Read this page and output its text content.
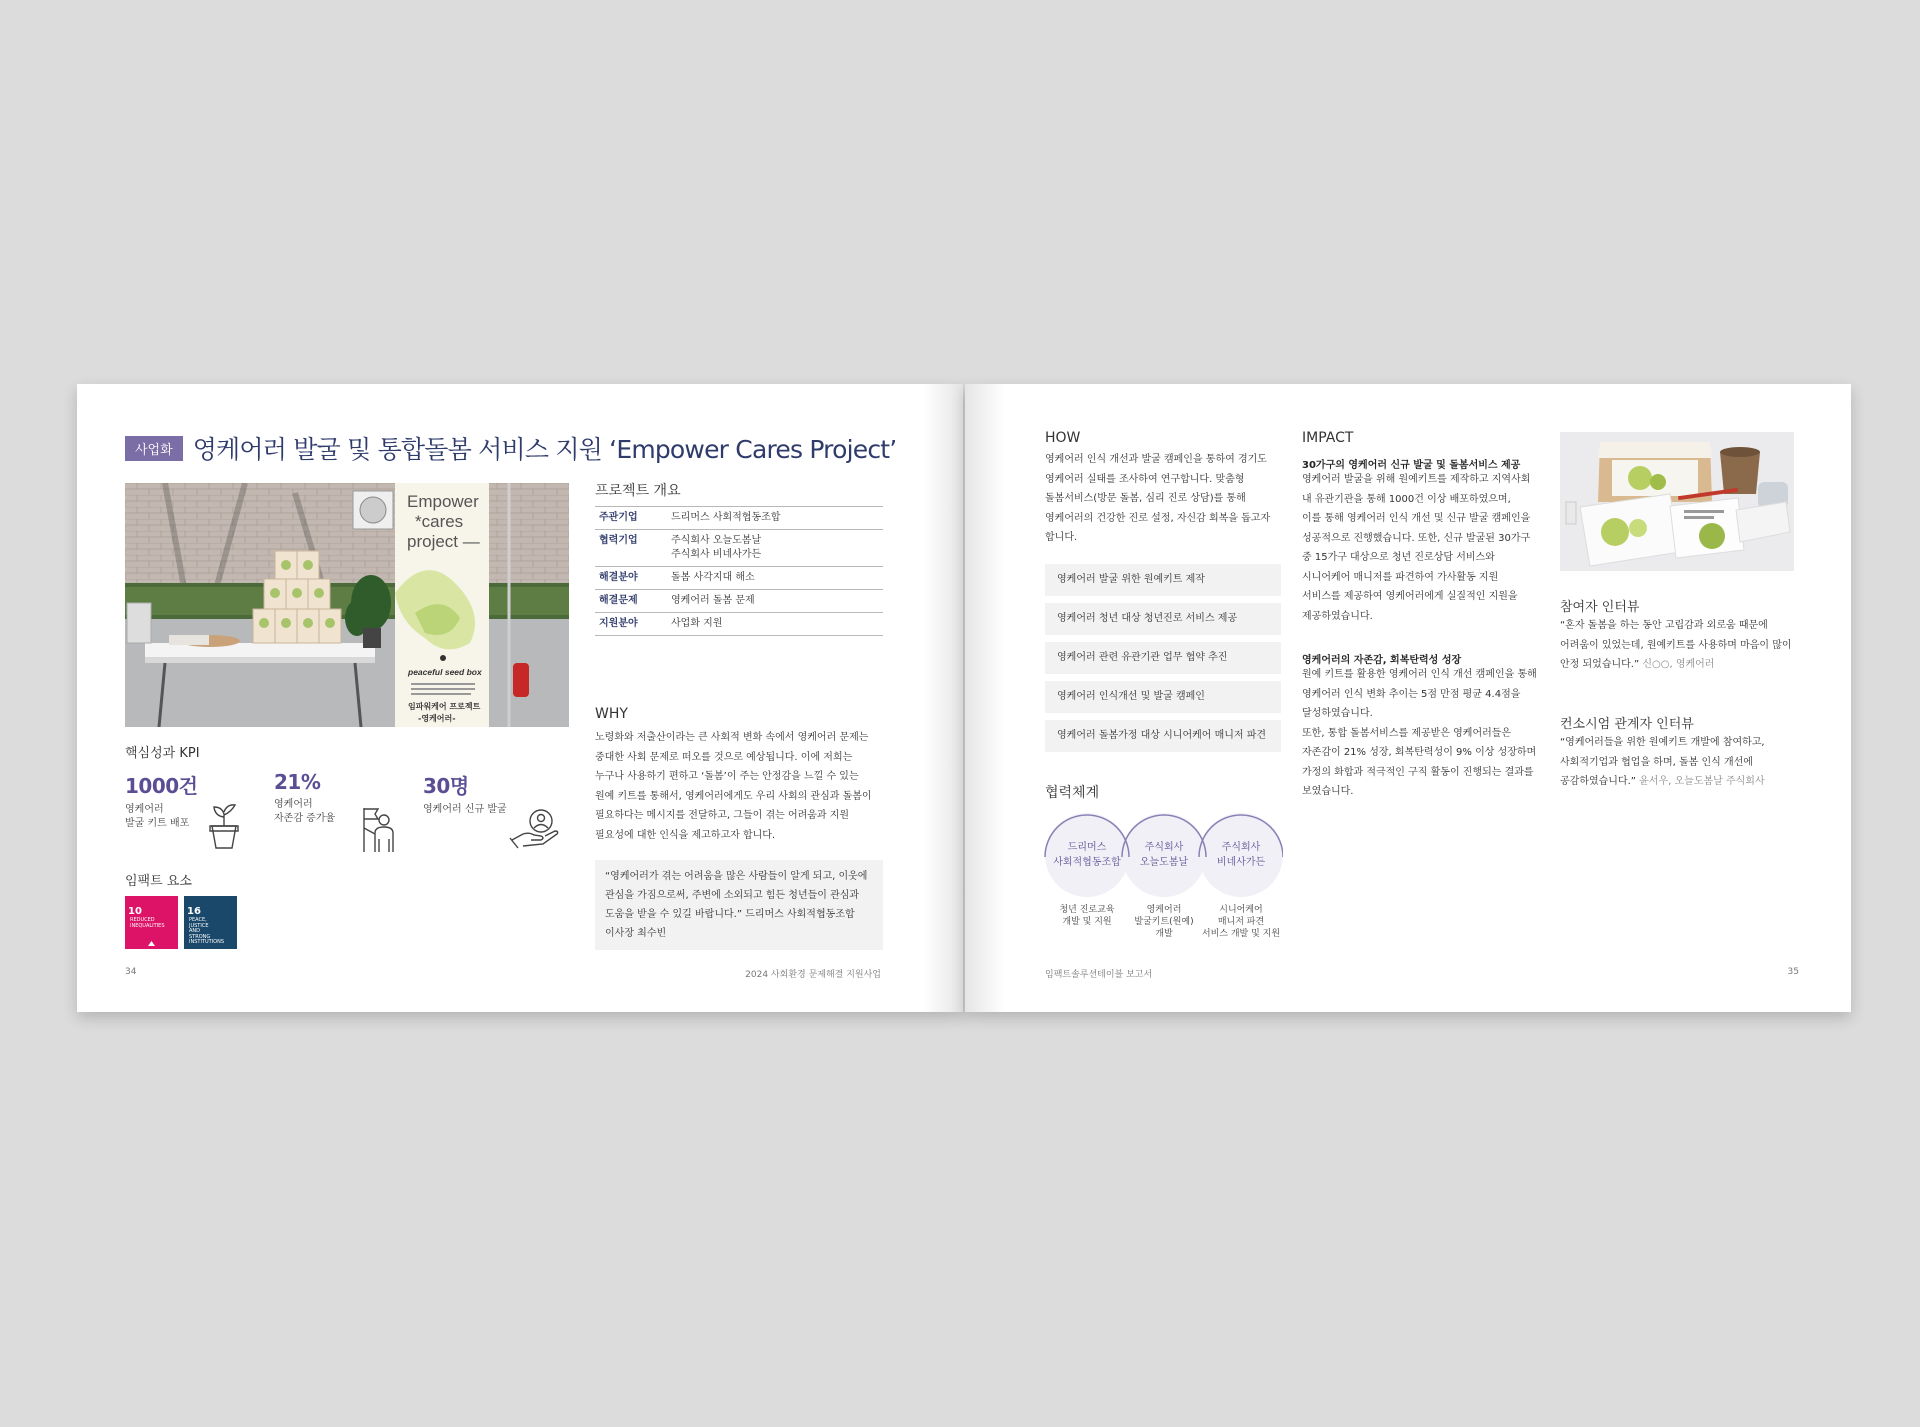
사업화 영케어러 발굴 및 통합돌봄 서비스 지원 ‘Empower Cares Project’
Empower
*cares
project —
peaceful seed box
임파워케어 프로젝트
-영케어러-
핵심성과 KPI
1000건
영케어러
발굴 키트 배포
21%
영케어러
자존감 증가율
30명
영케어러 신규 발굴
임팩트 요소
10 REDUCED INEQUALITIES
16 PEACE, JUSTICE AND STRONG INSTITUTIONS
프로젝트 개요
주관기업	드리머스 사회적협동조합
협력기업	주식회사 오늘도봄날
주식회사 비네사가든
해결분야	돌봄 사각지대 해소
해결문제	영케어러 돌봄 문제
지원분야	사업화 지원
WHY
노령화와 저출산이라는 큰 사회적 변화 속에서 영케어러 문제는
중대한 사회 문제로 떠오를 것으로 예상됩니다. 이에 저희는
누구나 사용하기 편하고 ‘돌봄’이 주는 안정감을 느낄 수 있는
원예 키트를 통해서, 영케어러에게도 우리 사회의 관심과 돌봄이
필요하다는 메시지를 전달하고, 그들이 겪는 어려움과 지원
필요성에 대한 인식을 제고하고자 합니다.
“영케어러가 겪는 어려움을 많은 사람들이 알게 되고, 이웃에
관심을 가짐으로써, 주변에 소외되고 힘든 청년들이 관심과
도움을 받을 수 있길 바랍니다.” 드리머스 사회적협동조합
이사장 최수빈
34	2024 사회환경 문제해결 지원사업
HOW
영케어러 인식 개선과 발굴 캠페인을 통하여 경기도
영케어러 실태를 조사하여 연구합니다. 맞춤형
돌봄서비스(방문 돌봄, 심리 진로 상담)를 통해
영케어러의 건강한 진로 설정, 자신감 회복을 돕고자
합니다.
영케어러 발굴 위한 원예키트 제작
영케어러 청년 대상 청년진로 서비스 제공
영케어러 관련 유관기관 업무 협약 추진
영케어러 인식개선 및 발굴 캠페인
영케어러 돌봄가정 대상 시니어케어 매니저 파견
협력체계
드리머스
사회적협동조합
주식회사
오늘도봄날
주식회사
비네사가든
청년 진로교육
개발 및 지원
영케어러
발굴키트(원예)
개발
시니어케어
매니저 파견
서비스 개발 및 지원
IMPACT
30가구의 영케어러 신규 발굴 및 돌봄서비스 제공
영케어러 발굴을 위해 원예키트를 제작하고 지역사회
내 유관기관을 통해 1000건 이상 배포하였으며,
이를 통해 영케어러 인식 개선 및 신규 발굴 캠페인을
성공적으로 진행했습니다. 또한, 신규 발굴된 30가구
중 15가구 대상으로 청년 진로상담 서비스와
시니어케어 매니저를 파견하여 가사활동 지원
서비스를 제공하여 영케어러에게 실질적인 지원을
제공하였습니다.
영케어러의 자존감, 회복탄력성 성장
원예 키트를 활용한 영케어러 인식 개선 캠페인을 통해
영케어러 인식 변화 추이는 5점 만점 평균 4.4점을
달성하였습니다.
또한, 통합 돌봄서비스를 제공받은 영케어러들은
자존감이 21% 성장, 회복탄력성이 9% 이상 성장하며
가정의 화합과 적극적인 구직 활동이 진행되는 결과를
보였습니다.
참여자 인터뷰
“혼자 돌봄을 하는 동안 고립감과 외로움 때문에
어려움이 있었는데, 원예키트를 사용하며 마음이 많이
안정 되었습니다.” 신○○, 영케어러
컨소시엄 관계자 인터뷰
“영케어러들을 위한 원예키트 개발에 참여하고,
사회적기업과 협업을 하며, 돌봄 인식 개선에
공감하였습니다.” 윤서우, 오늘도봄날 주식회사
임팩트솔루션테이블 보고서	35
